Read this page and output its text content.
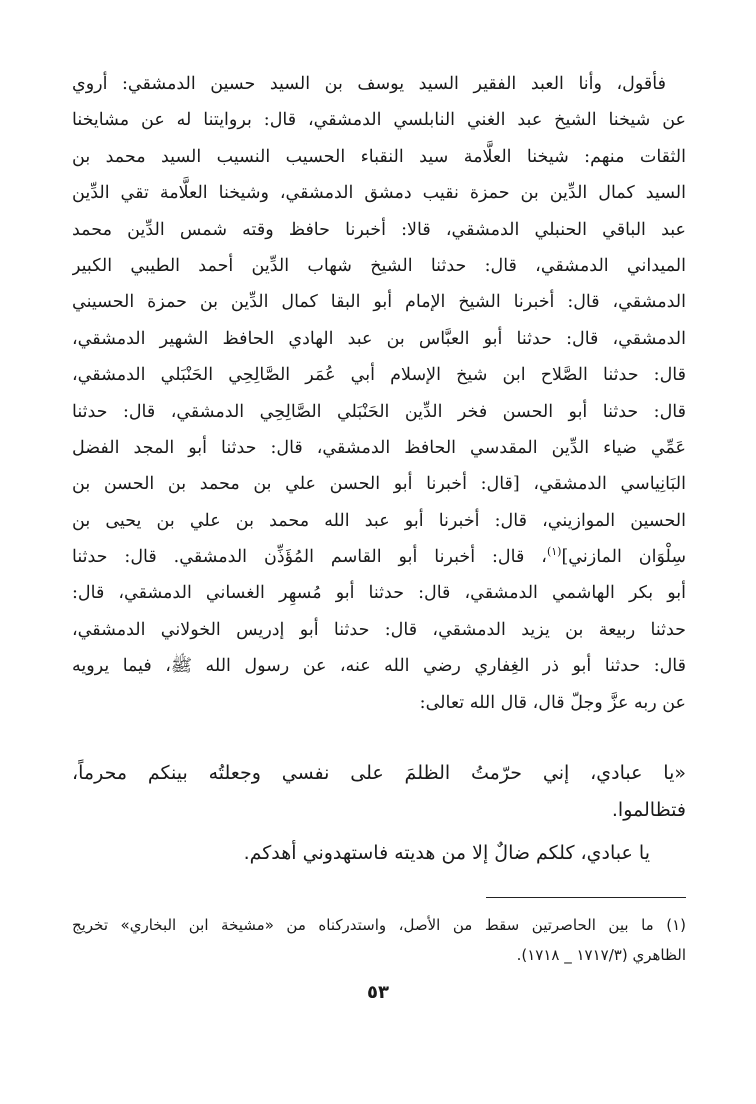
فأقول، وأنا العبد الفقير السيد يوسف بن السيد حسين الدمشقي: أروي
عن شيخنا الشيخ عبد الغني النابلسي الدمشقي، قال: بروايتنا له عن مشايخنا
الثقات منهم: شيخنا العلَّامة سيد النقباء الحسيب النسيب السيد محمد بن
السيد كمال الدِّين بن حمزة نقيب دمشق الدمشقي، وشيخنا العلَّامة تقي الدِّين
عبد الباقي الحنبلي الدمشقي، قالا: أخبرنا حافظ وقته شمس الدِّين محمد
الميداني الدمشقي، قال: حدثنا الشيخ شهاب الدِّين أحمد الطيبي الكبير
الدمشقي، قال: أخبرنا الشيخ الإمام أبو البقا كمال الدِّين بن حمزة الحسيني
الدمشقي، قال: حدثنا أبو العبَّاس بن عبد الهادي الحافظ الشهير الدمشقي،
قال: حدثنا الصَّلاح ابن شيخ الإسلام أبي عُمَر الصَّالِحِي الحَنْبَلي الدمشقي،
قال: حدثنا أبو الحسن فخر الدِّين الحَنْبَلي الصَّالِحِي الدمشقي، قال: حدثنا
عَمِّي ضياء الدِّين المقدسي الحافظ الدمشقي، قال: حدثنا أبو المجد الفضل
البَانِياسي الدمشقي، [قال: أخبرنا أبو الحسن علي بن محمد بن الحسن بن
الحسين الموازيني، قال: أخبرنا أبو عبد الله محمد بن علي بن يحيى بن
سِلْوَان المازني]$^{(١)}$، قال: أخبرنا أبو القاسم المُؤَذِّن الدمشقي. قال: حدثنا
أبو بكر الهاشمي الدمشقي، قال: حدثنا أبو مُسهِر الغساني الدمشقي، قال:
حدثنا ربيعة بن يزيد الدمشقي، قال: حدثنا أبو إدريس الخولاني الدمشقي،
قال: حدثنا أبو ذر الغِفاري رضي الله عنه، عن رسول الله ﷺ، فيما يرويه
عن ربه عزَّ وجلّ قال، قال الله تعالى:
«يا عبادي، إني حرّمتُ الظلمَ على نفسي وجعلتُه بينكم محرماً،
فتظالموا.
يا عبادي، كلكم ضالٌ إلا من هديته فاستهدوني أهدكم.
(١) ما بين الحاصرتين سقط من الأصل، واستدركناه من «مشيخة ابن البخاري» تخريج
الظاهري (١٧١٧/٣ _ ١٧١٨).
٥٣
